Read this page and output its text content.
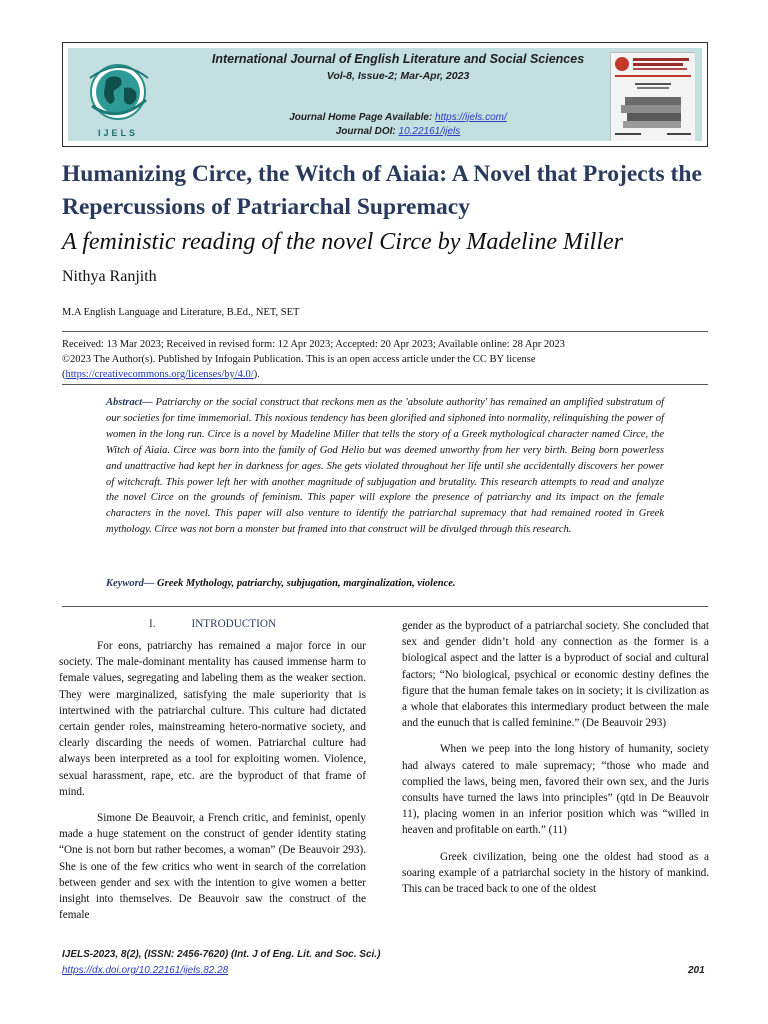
IJELS
International Journal of English Literature and Social Sciences
Vol-8, Issue-2; Mar-Apr, 2023
Journal Home Page Available: https://ijels.com/
Journal DOI: 10.22161/ijels
Humanizing Circe, the Witch of Aiaia: A Novel that Projects the Repercussions of Patriarchal Supremacy
A feministic reading of the novel Circe by Madeline Miller
Nithya Ranjith
M.A English Language and Literature, B.Ed., NET, SET
Received: 13 Mar 2023; Received in revised form: 12 Apr 2023; Accepted: 20 Apr 2023; Available online: 28 Apr 2023
©2023 The Author(s). Published by Infogain Publication. This is an open access article under the CC BY license
(https://creativecommons.org/licenses/by/4.0/).
Abstract— Patriarchy or the social construct that reckons men as the 'absolute authority' has remained an amplified substratum of our societies for time immemorial. This noxious tendency has been glorified and siphoned into normality, relinquishing the power of women in the long run. Circe is a novel by Madeline Miller that tells the story of a Greek mythological character named Circe, the Witch of Aiaia. Circe was born into the family of God Helio but was deemed unworthy from her very birth. Being born powerless and unattractive had kept her in darkness for ages. She gets violated throughout her life until she accidentally discovers her power of witchcraft. This power left her with another magnitude of subjugation and brutality. This research attempts to read and analyze the novel Circe on the grounds of feminism. This paper will explore the presence of patriarchy and its impact on the female characters in the novel. This paper will also venture to identify the patriarchal supremacy that had remained rooted in Greek mythology. Circe was not born a monster but framed into that construct will be divulged through this research.
Keyword— Greek Mythology, patriarchy, subjugation, marginalization, violence.
I.	INTRODUCTION

For eons, patriarchy has remained a major force in our society. The male-dominant mentality has caused immense harm to female values, segregating and labeling them as the weaker section. They were marginalized, satisfying the male superiority that is intertwined with the patriarchal culture. This culture had dictated certain gender roles, mainstreaming hetero-normative society, and clearly discarding the needs of women. Patriarchal culture had always been interpreted as a tool for exploiting women. Violence, sexual harassment, rape, etc. are the byproduct of that frame of mind.

Simone De Beauvoir, a French critic, and feminist, openly made a huge statement on the construct of gender identity stating “One is not born but rather becomes, a woman” (De Beauvoir 293). She is one of the few critics who went in search of the correlation between gender and sex with the intention to give women a better insight into themselves. De Beauvoir saw the construct of the female

gender as the byproduct of a patriarchal society. She concluded that sex and gender didn’t hold any connection as the former is a biological aspect and the latter is a byproduct of social and cultural factors; “No biological, psychical or economic destiny defines the figure that the human female takes on in society; it is civilization as a whole that elaborates this intermediary product between the male and the eunuch that is called feminine.” (De Beauvoir 293)

When we peep into the long history of humanity, society had always catered to male supremacy; “those who made and complied the laws, being men, favored their own sex, and the Juris consults have turned the laws into principles” (qtd in De Beauvoir 11), placing women in an inferior position which was “willed in heaven and profitable on earth.” (11)

Greek civilization, being one the oldest had stood as a soaring example of a patriarchal society in the history of mankind. This can be traced back to one of the oldest

IJELS-2023, 8(2), (ISSN: 2456-7620) (Int. J of Eng. Lit. and Soc. Sci.)
https://dx.doi.org/10.22161/ijels.82.28	201
